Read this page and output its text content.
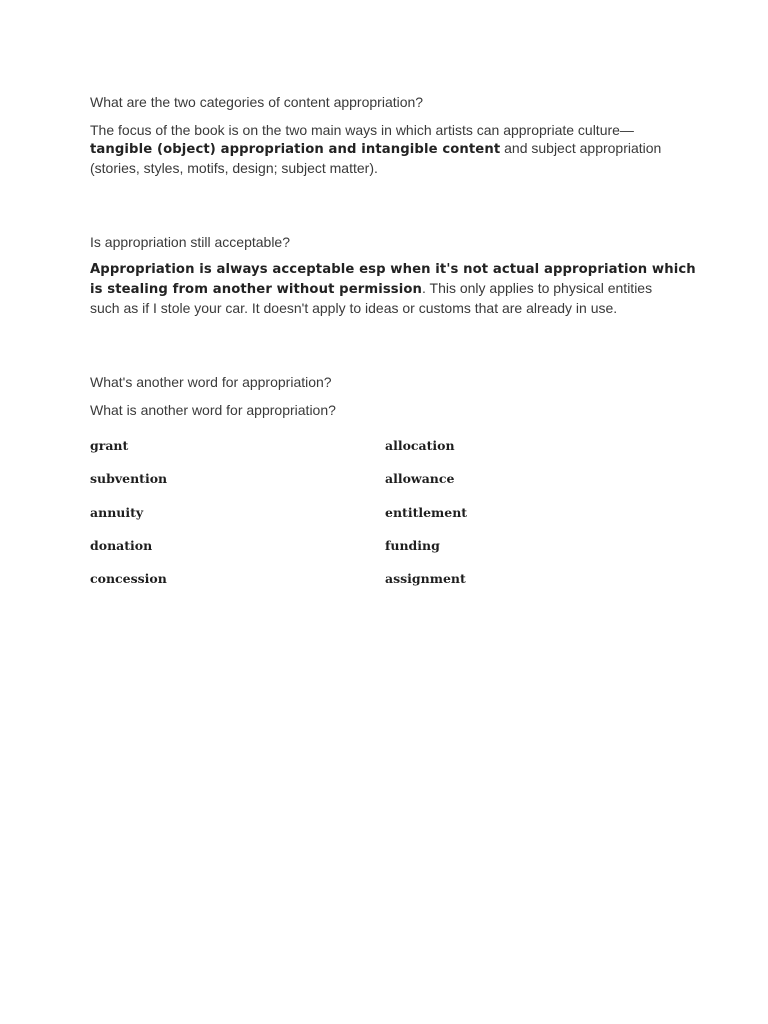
What are the two categories of content appropriation?
The focus of the book is on the two main ways in which artists can appropriate culture—
tangible (object) appropriation and intangible content and subject appropriation
(stories, styles, motifs, design; subject matter).
Is appropriation still acceptable?
Appropriation is always acceptable esp when it's not actual appropriation which
is stealing from another without permission. This only applies to physical entities
such as if I stole your car. It doesn't apply to ideas or customs that are already in use.
What's another word for appropriation?
What is another word for appropriation?
grant	allocation
subvention	allowance
annuity	entitlement
donation	funding
concession	assignment
